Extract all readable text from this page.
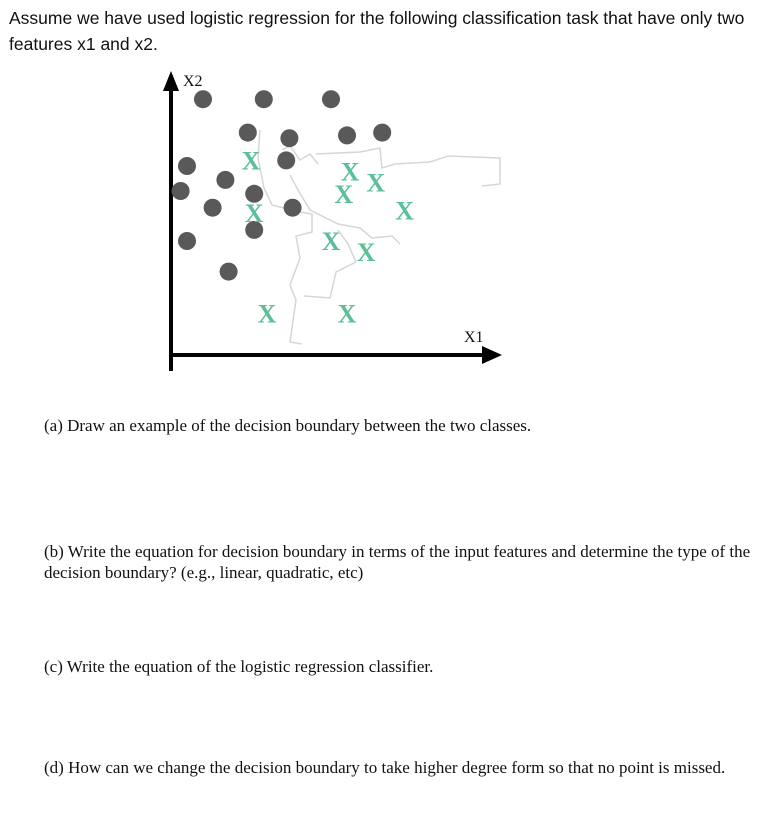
Assume we have used logistic regression for the following classification task that have only two features x1 and x2.
X2
X1
X
X
X
X
X X
X
X
X X
(a) Draw an example of the decision boundary between the two classes.
(b) Write the equation for decision boundary in terms of the input features and determine the type of the decision boundary? (e.g., linear, quadratic, etc)
(c) Write the equation of the logistic regression classifier.
(d) How can we change the decision boundary to take higher degree form so that no point is missed.
